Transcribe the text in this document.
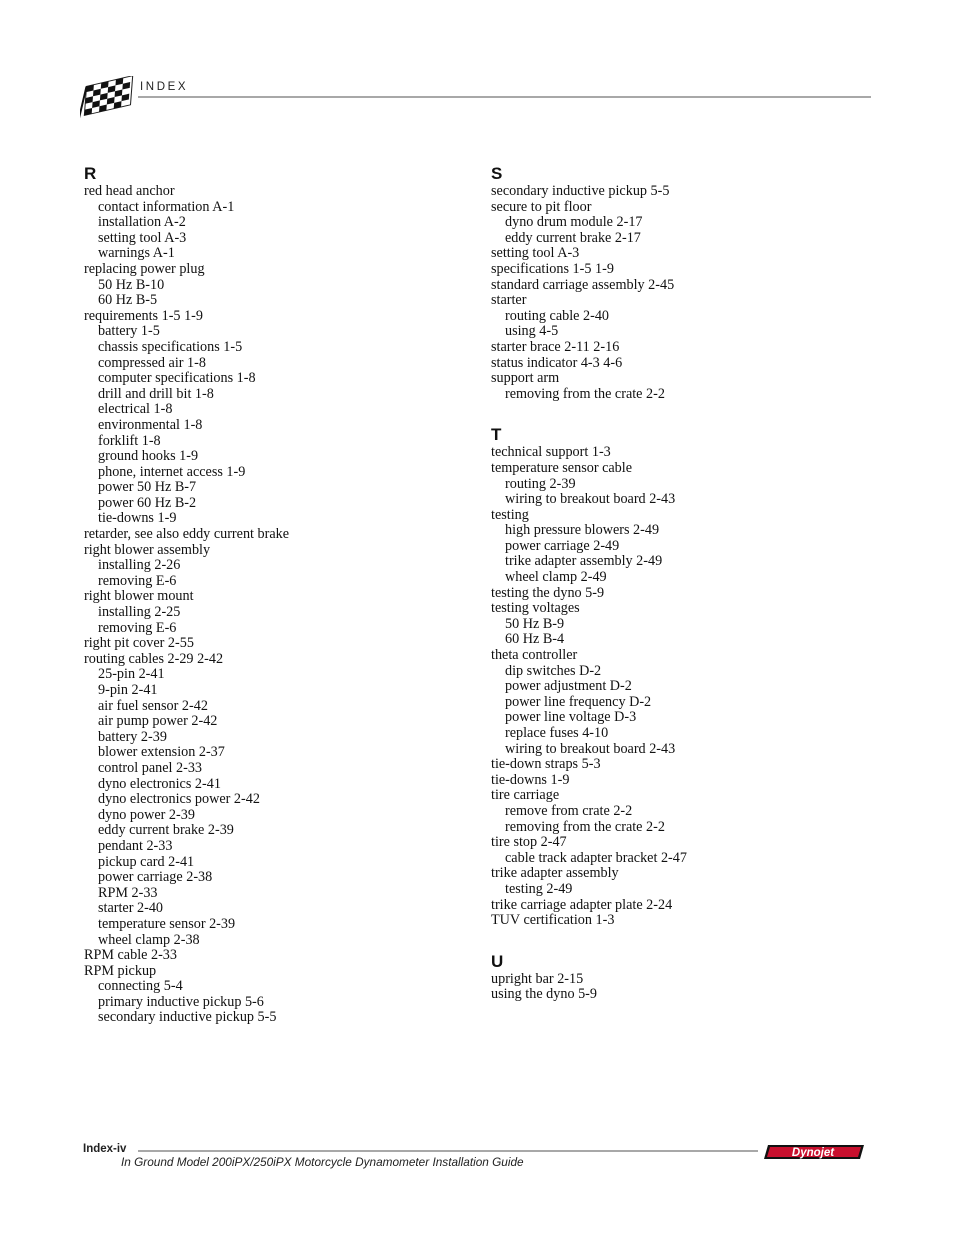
INDEX
R
red head anchor
contact information A-1
installation A-2
setting tool A-3
warnings A-1
replacing power plug
50 Hz B-10
60 Hz B-5
requirements 1-5 1-9
battery 1-5
chassis specifications 1-5
compressed air 1-8
computer specifications 1-8
drill and drill bit 1-8
electrical 1-8
environmental 1-8
forklift 1-8
ground hooks 1-9
phone, internet access 1-9
power 50 Hz B-7
power 60 Hz B-2
tie-downs 1-9
retarder, see also eddy current brake
right blower assembly
installing 2-26
removing E-6
right blower mount
installing 2-25
removing E-6
right pit cover 2-55
routing cables 2-29 2-42
25-pin 2-41
9-pin 2-41
air fuel sensor 2-42
air pump power 2-42
battery 2-39
blower extension 2-37
control panel 2-33
dyno electronics 2-41
dyno electronics power 2-42
dyno power 2-39
eddy current brake 2-39
pendant 2-33
pickup card 2-41
power carriage 2-38
RPM 2-33
starter 2-40
temperature sensor 2-39
wheel clamp 2-38
RPM cable 2-33
RPM pickup
connecting 5-4
primary inductive pickup 5-6
secondary inductive pickup 5-5
S
secondary inductive pickup 5-5
secure to pit floor
dyno drum module 2-17
eddy current brake 2-17
setting tool A-3
specifications 1-5 1-9
standard carriage assembly 2-45
starter
routing cable 2-40
using 4-5
starter brace 2-11 2-16
status indicator 4-3 4-6
support arm
removing from the crate 2-2
T
technical support 1-3
temperature sensor cable
routing 2-39
wiring to breakout board 2-43
testing
high pressure blowers 2-49
power carriage 2-49
trike adapter assembly 2-49
wheel clamp 2-49
testing the dyno 5-9
testing voltages
50 Hz B-9
60 Hz B-4
theta controller
dip switches D-2
power adjustment D-2
power line frequency D-2
power line voltage D-3
replace fuses 4-10
wiring to breakout board 2-43
tie-down straps 5-3
tie-downs 1-9
tire carriage
remove from crate 2-2
removing from the crate 2-2
tire stop 2-47
cable track adapter bracket 2-47
trike adapter assembly
testing 2-49
trike carriage adapter plate 2-24
TUV certification 1-3
U
upright bar 2-15
using the dyno 5-9
Index-iv
In Ground Model 200iPX/250iPX Motorcycle Dynamometer Installation Guide
Dynojet
